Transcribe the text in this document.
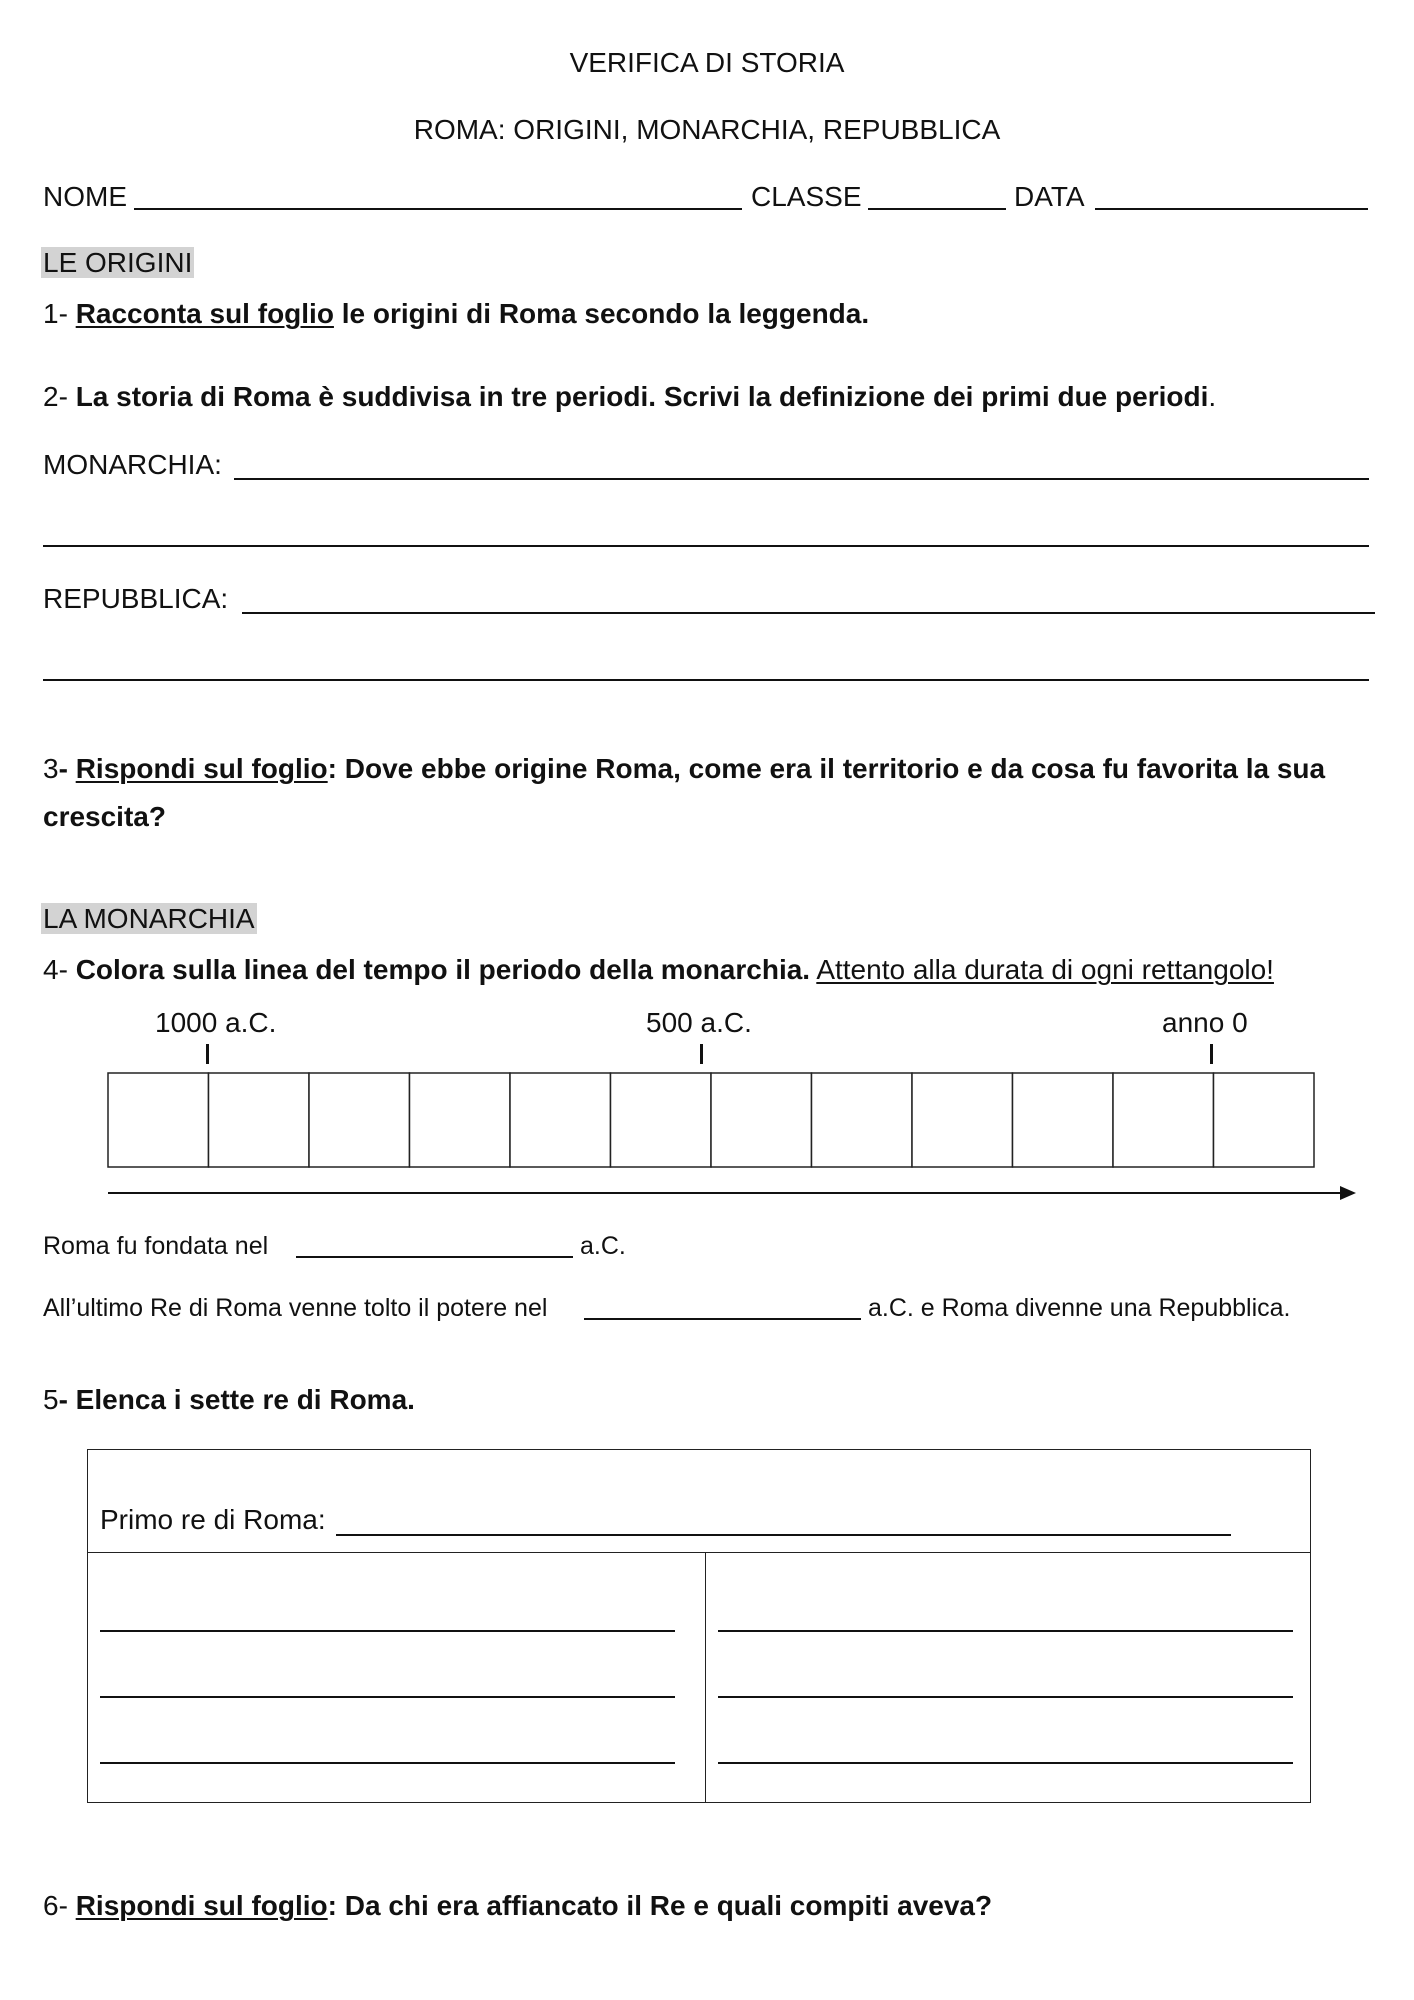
VERIFICA DI STORIA
ROMA: ORIGINI, MONARCHIA, REPUBBLICA
NOME	CLASSE	DATA
LE ORIGINI
1- Racconta sul foglio le origini di Roma secondo la leggenda.
2- La storia di Roma è suddivisa in tre periodi. Scrivi la definizione dei primi due periodi.
MONARCHIA:
REPUBBLICA:
3- Rispondi sul foglio: Dove ebbe origine Roma, come era il territorio e da cosa fu favorita la sua
crescita?
LA MONARCHIA
4- Colora sulla linea del tempo il periodo della monarchia. Attento alla durata di ogni rettangolo!
1000 a.C.	500 a.C.	anno 0
Roma fu fondata nel	a.C.
All’ultimo Re di Roma venne tolto il potere nel	a.C. e Roma divenne una Repubblica.
5- Elenca i sette re di Roma.
Primo re di Roma:
6- Rispondi sul foglio: Da chi era affiancato il Re e quali compiti aveva?
